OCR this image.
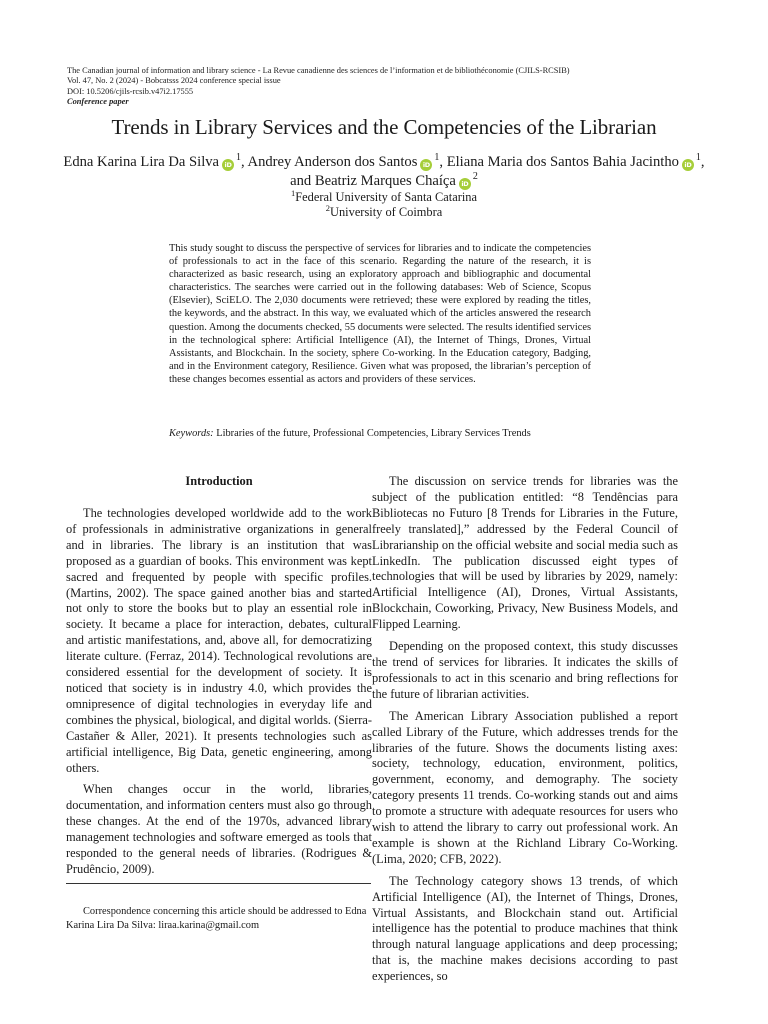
The Canadian journal of information and library science - La Revue canadienne des sciences de l’information et de bibliothéconomie (CJILS-RCSIB)
Vol. 47, No. 2 (2024) - Bobcatsss 2024 conference special issue
DOI: 10.5206/cjils-rcsib.v47i2.17555
Conference paper
Trends in Library Services and the Competencies of the Librarian
Edna Karina Lira Da Silva iD$^1$, Andrey Anderson dos Santos iD$^1$, Eliana Maria dos Santos Bahia Jacintho iD$^1$, and Beatriz Marques Chaíça iD$^2$
$^1$Federal University of Santa Catarina
$^2$University of Coimbra

This study sought to discuss the perspective of services for libraries and to indicate the competencies of professionals to act in the face of this scenario. Regarding the nature of the research, it is characterized as basic research, using an exploratory approach and bibliographic and documental characteristics. The searches were carried out in the following databases: Web of Science, Scopus (Elsevier), SciELO. The 2,030 documents were retrieved; these were explored by reading the titles, the keywords, and the abstract. In this way, we evaluated which of the articles answered the research question. Among the documents checked, 55 documents were selected. The results identified services in the technological sphere: Artificial Intelligence (AI), the Internet of Things, Drones, Virtual Assistants, and Blockchain. In the society, sphere Co-working. In the Education category, Badging, and in the Environment category, Resilience. Given what was proposed, the librarian’s perception of these changes becomes essential as actors and providers of these services.

Keywords: Libraries of the future, Professional Competencies, Library Services Trends
Introduction

The technologies developed worldwide add to the work of professionals in administrative organizations in general and in libraries. The library is an institution that was proposed as a guardian of books. This environment was kept sacred and frequented by people with specific profiles. (Martins, 2002). The space gained another bias and started not only to store the books but to play an essential role in society. It became a place for interaction, debates, cultural and artistic manifestations, and, above all, for democratizing literate culture. (Ferraz, 2014). Technological revolutions are considered essential for the development of society. It is noticed that society is in industry 4.0, which provides the omnipresence of digital technologies in everyday life and combines the physical, biological, and digital worlds. (Sierra-Castañer & Aller, 2021). It presents technologies such as artificial intelligence, Big Data, genetic engineering, among others.

When changes occur in the world, libraries, documentation, and information centers must also go through these changes. At the end of the 1970s, advanced library management technologies and software emerged as tools that responded to the general needs of libraries. (Rodrigues & Prudêncio, 2009).

The discussion on service trends for libraries was the subject of the publication entitled: “8 Tendências para Bibliotecas no Futuro [8 Trends for Libraries in the Future, freely translated],” addressed by the Federal Council of Librarianship on the official website and social media such as LinkedIn. The publication discussed eight types of technologies that will be used by libraries by 2029, namely: Artificial Intelligence (AI), Drones, Virtual Assistants, Blockchain, Coworking, Privacy, New Business Models, and Flipped Learning.

Depending on the proposed context, this study discusses the trend of services for libraries. It indicates the skills of professionals to act in this scenario and bring reflections for the future of librarian activities.

The American Library Association published a report called Library of the Future, which addresses trends for the libraries of the future. Shows the documents listing axes: society, technology, education, environment, politics, government, economy, and demography. The society category presents 11 trends. Co-working stands out and aims to promote a structure with adequate resources for users who wish to attend the library to carry out professional work. An example is shown at the Richland Library Co-Working. (Lima, 2020; CFB, 2022).

The Technology category shows 13 trends, of which Artificial Intelligence (AI), the Internet of Things, Drones, Virtual Assistants, and Blockchain stand out. Artificial intelligence has the potential to produce machines that think through natural language applications and deep processing; that is, the machine makes decisions according to past experiences, so

Correspondence concerning this article should be addressed to Edna Karina Lira Da Silva: liraa.karina@gmail.com
